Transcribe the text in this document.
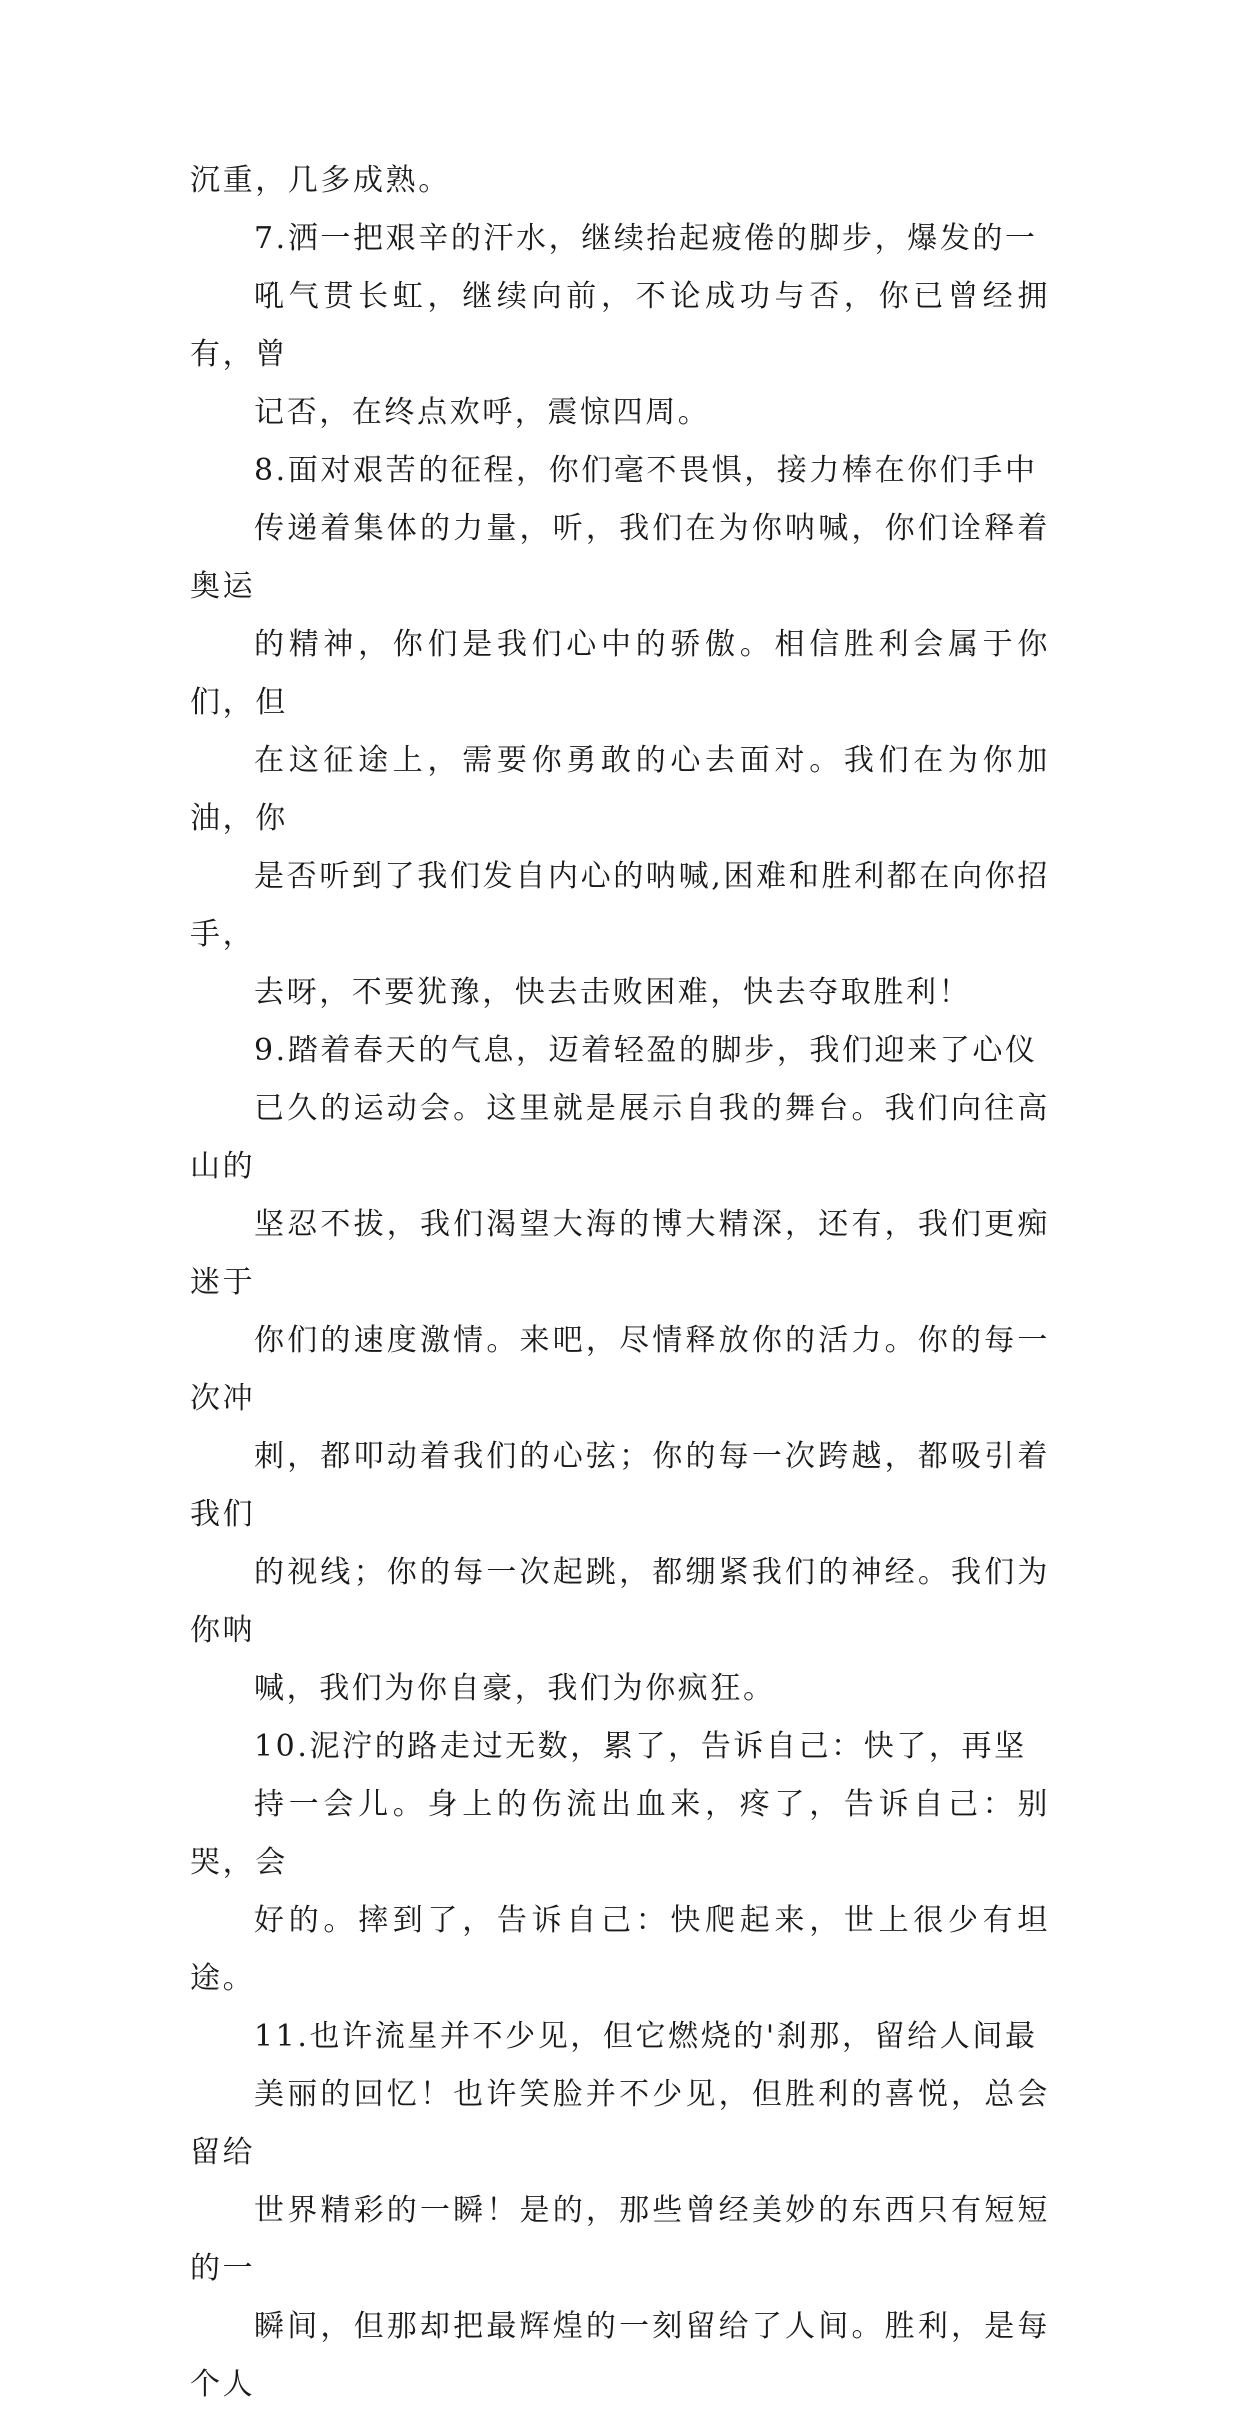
沉重，几多成熟。
7.洒一把艰辛的汗水，继续抬起疲倦的脚步，爆发的一
吼气贯长虹，继续向前，不论成功与否，你已曾经拥有，曾
记否，在终点欢呼，震惊四周。
8.面对艰苦的征程，你们毫不畏惧，接力棒在你们手中
传递着集体的力量，听，我们在为你呐喊，你们诠释着奥运
的精神，你们是我们心中的骄傲。相信胜利会属于你们，但
在这征途上，需要你勇敢的心去面对。我们在为你加油，你
是否听到了我们发自内心的呐喊,困难和胜利都在向你招手，
去呀，不要犹豫，快去击败困难，快去夺取胜利！
9.踏着春天的气息，迈着轻盈的脚步，我们迎来了心仪
已久的运动会。这里就是展示自我的舞台。我们向往高山的
坚忍不拔，我们渴望大海的博大精深，还有，我们更痴迷于
你们的速度激情。来吧，尽情释放你的活力。你的每一次冲
刺，都叩动着我们的心弦；你的每一次跨越，都吸引着我们
的视线；你的每一次起跳，都绷紧我们的神经。我们为你呐
喊，我们为你自豪，我们为你疯狂。
10.泥泞的路走过无数，累了，告诉自己：快了，再坚
持一会儿。身上的伤流出血来，疼了，告诉自己：别哭，会
好的。摔到了，告诉自己：快爬起来，世上很少有坦途。
11.也许流星并不少见，但它燃烧的'刹那，留给人间最
美丽的回忆！也许笑脸并不少见，但胜利的喜悦，总会留给
世界精彩的一瞬！是的，那些曾经美妙的东西只有短短的一
瞬间，但那却把最辉煌的一刻留给了人间。胜利，是每个人
